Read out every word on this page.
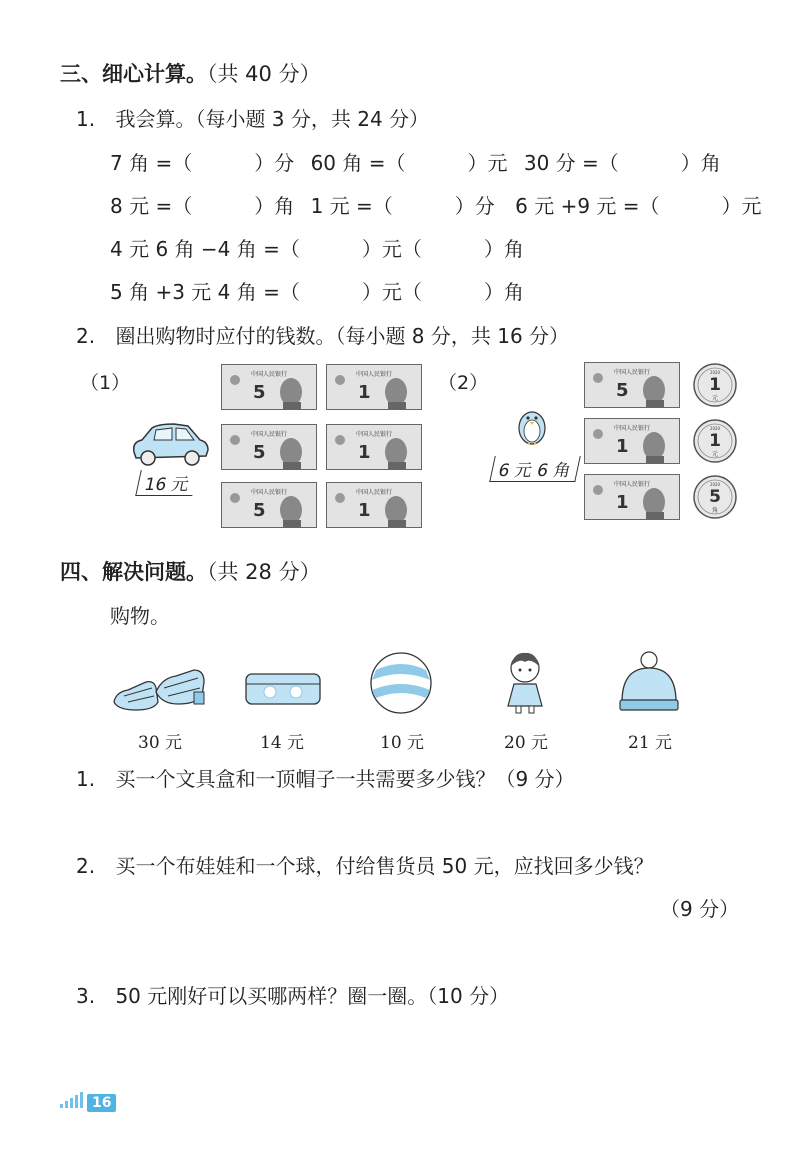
三、细心计算。（共 40 分）
1. 我会算。（每小题 3 分，共 24 分）
7 角 =（	）分 60 角 =（	）元 30 分 =（	）角
8 元 =（	）角 1 元 =（	）分 6 元 +9 元 =（	）元
4 元 6 角 −4 角 =（	）元（	）角
5 角 +3 元 4 角 =（	）元（	）角
2. 圈出购物时应付的钱数。（每小题 8 分，共 16 分）
（1）
16 元
中国人民银行
5
中国人民银行
1
中国人民银行
5
中国人民银行
1
中国人民银行
5
中国人民银行
1
（2）
6 元 6 角
中国人民银行
5
中国人民银行
1
中国人民银行
1
1
元
2020
1
元
2020
5
角
2020
四、解决问题。（共 28 分）
购物。
30 元	14 元	10 元	20 元	21 元
1. 买一个文具盒和一顶帽子一共需要多少钱？（9 分）
2. 买一个布娃娃和一个球，付给售货员 50 元，应找回多少钱？
（9 分）
3. 50 元刚好可以买哪两样？圈一圈。（10 分）
16
